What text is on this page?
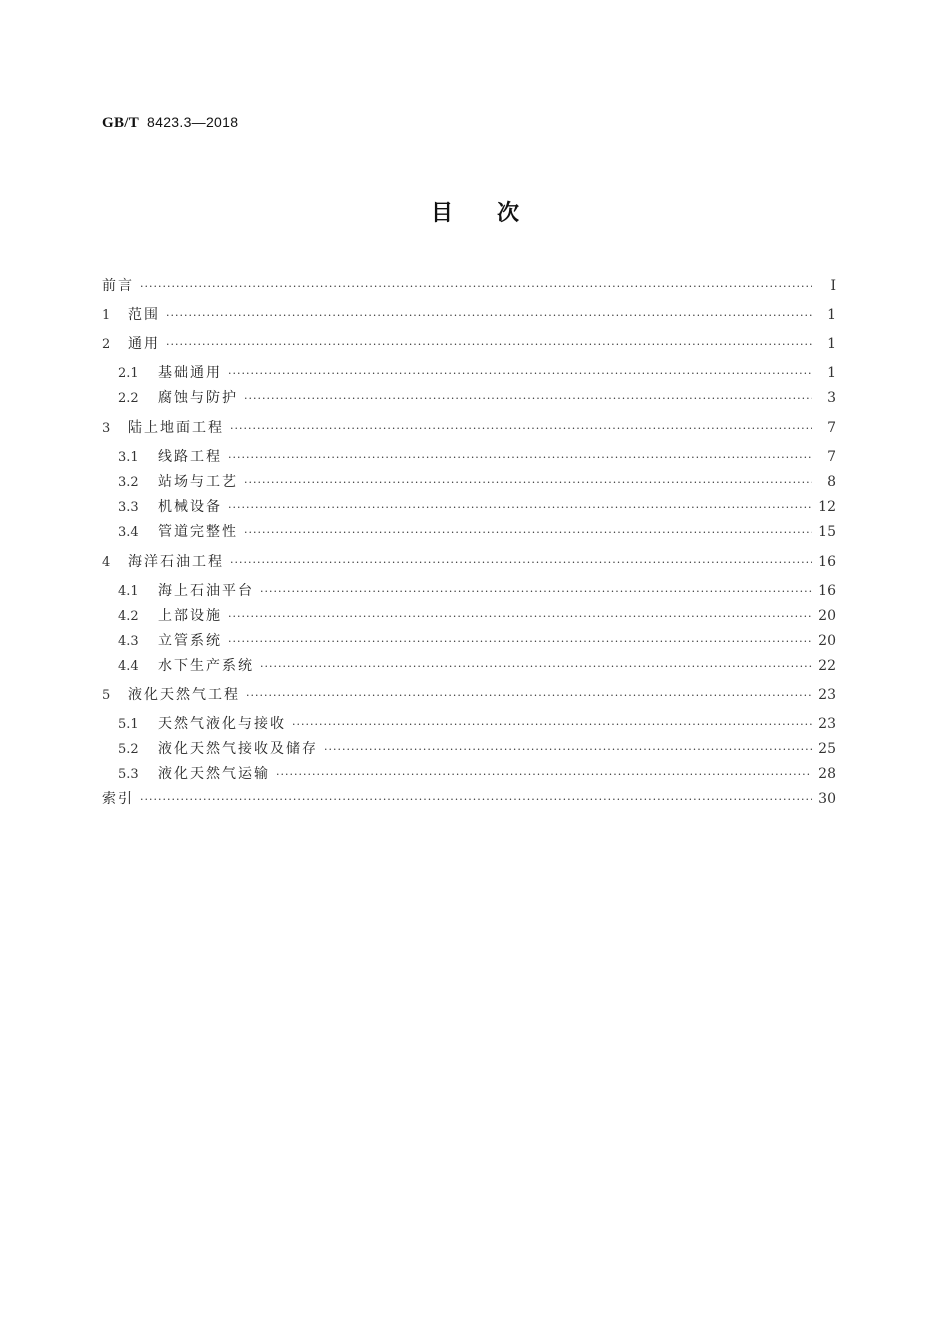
GB/T 8423.3—2018
目 次
前言 ·····	Ⅰ
1	范围 ·····	1
2	通用 ·····	1
2.1	基础通用 ·····	1
2.2	腐蚀与防护 ·····	3
3	陆上地面工程 ·····	7
3.1	线路工程 ·····	7
3.2	站场与工艺 ·····	8
3.3	机械设备 ·····	12
3.4	管道完整性 ·····	15
4	海洋石油工程 ·····	16
4.1	海上石油平台 ·····	16
4.2	上部设施 ·····	20
4.3	立管系统 ·····	20
4.4	水下生产系统 ·····	22
5	液化天然气工程 ·····	23
5.1	天然气液化与接收 ·····	23
5.2	液化天然气接收及储存 ·····	25
5.3	液化天然气运输 ·····	28
索引 ·····	30
